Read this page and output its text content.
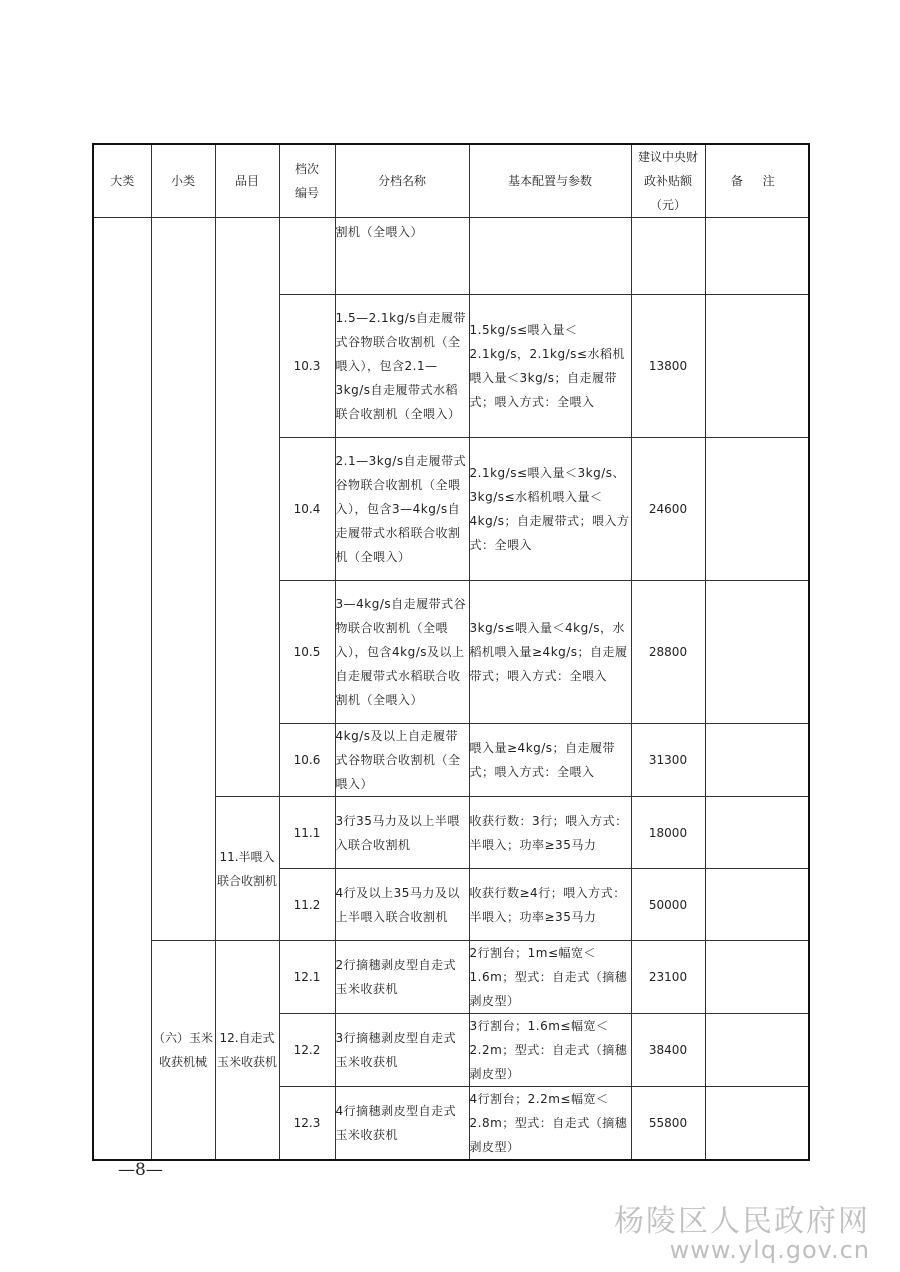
大类	小类	品目	档次编号	分档名称	基本配置与参数	建议中央财政补贴额（元）	备 注
				割机（全喂入）			
			10.3	1.5—2.1kg/s自走履带式谷物联合收割机（全喂入），包含2.1—3kg/s自走履带式水稻联合收割机（全喂入）	1.5kg/s≤喂入量＜2.1kg/s，2.1kg/s≤水稻机喂入量＜3kg/s；自走履带式；喂入方式：全喂入	13800	
			10.4	2.1—3kg/s自走履带式谷物联合收割机（全喂入），包含3—4kg/s自走履带式水稻联合收割机（全喂入）	2.1kg/s≤喂入量＜3kg/s、3kg/s≤水稻机喂入量＜4kg/s；自走履带式；喂入方式：全喂入	24600	
			10.5	3—4kg/s自走履带式谷物联合收割机（全喂入），包含4kg/s及以上自走履带式水稻联合收割机（全喂入）	3kg/s≤喂入量＜4kg/s，水稻机喂入量≥4kg/s；自走履带式；喂入方式：全喂入	28800	
			10.6	4kg/s及以上自走履带式谷物联合收割机（全喂入）	喂入量≥4kg/s；自走履带式；喂入方式：全喂入	31300	
		11.半喂入联合收割机	11.1	3行35马力及以上半喂入联合收割机	收获行数：3行；喂入方式：半喂入；功率≥35马力	18000	
			11.2	4行及以上35马力及以上半喂入联合收割机	收获行数≥4行；喂入方式：半喂入；功率≥35马力	50000	
	（六）玉米收获机械	12.自走式玉米收获机	12.1	2行摘穗剥皮型自走式玉米收获机	2行割台；1m≤幅宽＜1.6m；型式：自走式（摘穗剥皮型）	23100	
			12.2	3行摘穗剥皮型自走式玉米收获机	3行割台；1.6m≤幅宽＜2.2m；型式：自走式（摘穗剥皮型）	38400	
			12.3	4行摘穗剥皮型自走式玉米收获机	4行割台；2.2m≤幅宽＜2.8m；型式：自走式（摘穗剥皮型）	55800	
—8—
杨陵区人民政府网
www.ylq.gov.cn
